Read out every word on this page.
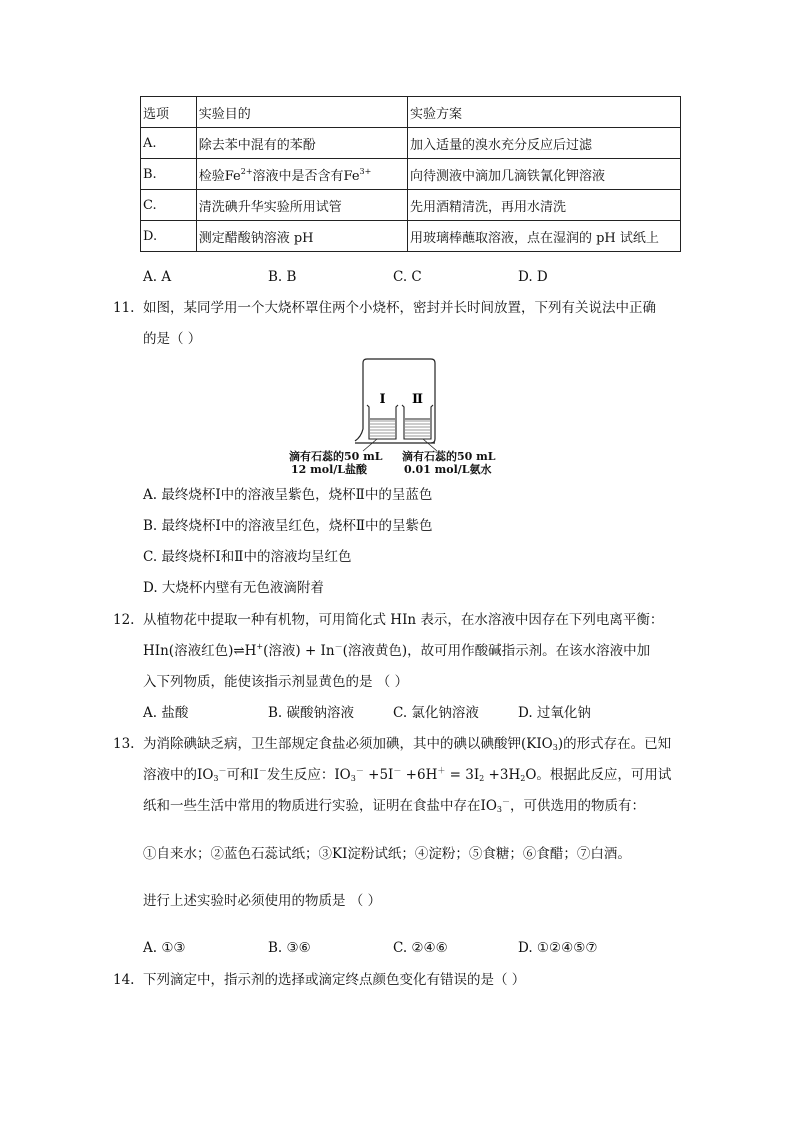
选项	实验目的	实验方案
A.	除去苯中混有的苯酚	加入适量的溴水充分反应后过滤
B.	检验$Fe^{2+}$溶液中是否含有$Fe^{3+}$	向待测液中滴加几滴铁氰化钾溶液
C.	清洗碘升华实验所用试管	先用酒精清洗，再用水清洗
D.	测定醋酸钠溶液 pH	用玻璃棒蘸取溶液，点在湿润的 pH 试纸上
A. A	B. B	C. C	D. D
11. 如图，某同学用一个大烧杯罩住两个小烧杯，密封并长时间放置，下列有关说法中正确
的是（ ）
Ⅰ Ⅱ
滴有石蕊的50 mL
12 mol/L盐酸
滴有石蕊的50 mL
0.01 mol/L氨水
A. 最终烧杯Ⅰ中的溶液呈紫色，烧杯Ⅱ中的呈蓝色
B. 最终烧杯Ⅰ中的溶液呈红色，烧杯Ⅱ中的呈紫色
C. 最终烧杯Ⅰ和Ⅱ中的溶液均呈红色
D. 大烧杯内壁有无色液滴附着
12. 从植物花中提取一种有机物，可用简化式 HIn 表示，在水溶液中因存在下列电离平衡：
HIn(溶液红色)⇌H+(溶液) + In－(溶液黄色)，故可用作酸碱指示剂。在该水溶液中加
入下列物质，能使该指示剂显黄色的是 （ ）
A. 盐酸	B. 碳酸钠溶液	C. 氯化钠溶液	D. 过氧化钠
13. 为消除碘缺乏病，卫生部规定食盐必须加碘，其中的碘以碘酸钾$(KIO_3)$的形式存在。已知
溶液中的$IO_3^-$可和I－发生反应：$IO_3^- +5I^- +6H^+ = 3I_2 +3H_2O$。根据此反应，可用试
纸和一些生活中常用的物质进行实验，证明在食盐中存在$IO_3^-$，可供选用的物质有：
①自来水；②蓝色石蕊试纸；③KI淀粉试纸；④淀粉；⑤食糖；⑥食醋；⑦白酒。
进行上述实验时必须使用的物质是 （ ）
A. ①③	B. ③⑥	C. ②④⑥	D. ①②④⑤⑦
14. 下列滴定中，指示剂的选择或滴定终点颜色变化有错误的是（ ）
